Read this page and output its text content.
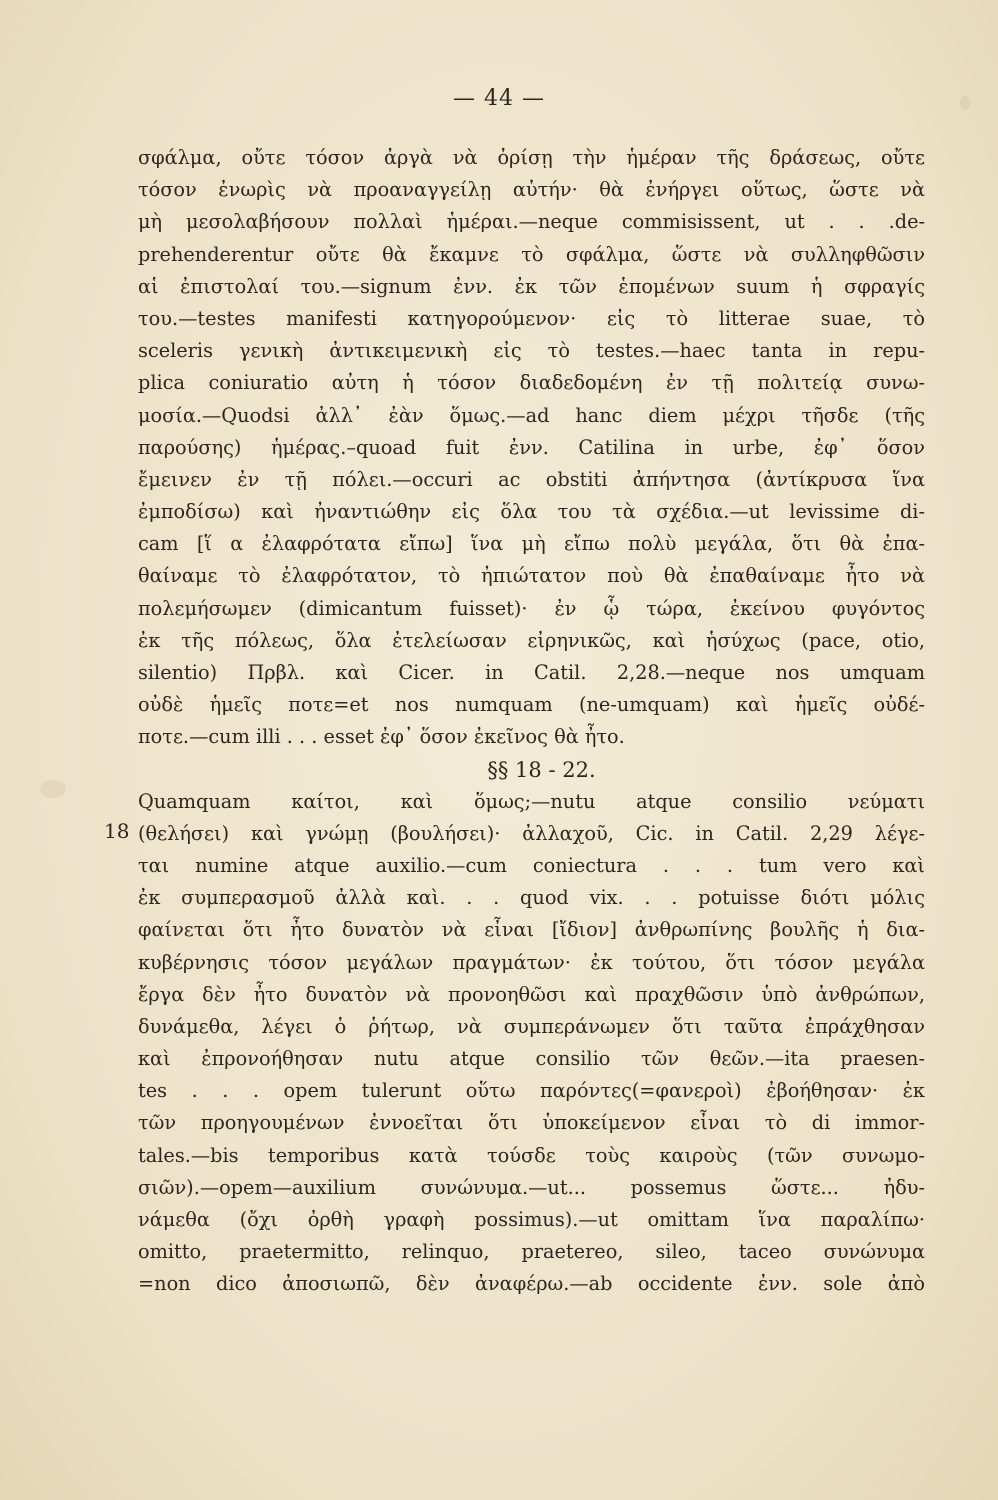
— 44 —
18
σφάλμα, οὔτε τόσον ἀργὰ νὰ ὁρίσῃ τὴν ἡμέραν τῆς δράσεως, οὔτε
τόσον ἐνωρὶς νὰ προαναγγείλῃ αὐτήν· θὰ ἐνήργει οὕτως, ὥστε νὰ
μὴ μεσολαβήσουν πολλαὶ ἡμέραι.—neque commisissent, ut . . .de-
prehenderentur οὔτε θὰ ἔκαμνε τὸ σφάλμα, ὥστε νὰ συλληφθῶσιν
αἱ ἐπιστολαί του.—signum ἐνν. ἐκ τῶν ἑπομένων suum ἡ σφραγίς
του.—testes manifesti κατηγορούμενον· εἰς τὸ litterae suae, τὸ
sceleris γενικὴ ἀντικειμενικὴ εἰς τὸ testes.—haec tanta in repu-
plica coniuratio αὐτη ἡ τόσον διαδεδομένη ἐν τῇ πολιτείᾳ συνω-
μοσία.—Quodsi ἀλλ᾽ ἐὰν ὅμως.—ad hanc diem μέχρι τῆσδε (τῆς
παρούσης) ἡμέρας.–quoad fuit ἐνν. Catilina in urbe, ἐφ᾽ ὅσον
ἔμεινεν ἐν τῇ πόλει.—occuri ac obstiti ἀπήντησα (ἀντίκρυσα ἵνα
ἐμποδίσω) καὶ ἠναντιώθην εἰς ὅλα του τὰ σχέδια.—ut levissime di-
cam [ἵ α ἐλαφρότατα εἴπω] ἵνα μὴ εἴπω πολὺ μεγάλα, ὅτι θὰ ἐπα-
θαίναμε τὸ ἐλαφρότατον, τὸ ἠπιώτατον ποὺ θὰ ἐπαθαίναμε ἦτο νὰ
πολεμήσωμεν (dimicantum fuisset)· ἐν ᾧ τώρα, ἐκείνου φυγόντος
ἐκ τῆς πόλεως, ὅλα ἐτελείωσαν εἰρηνικῶς, καὶ ἡσύχως (pace, otio,
silentio) Πρβλ. καὶ Cicer. in Catil. 2,28.—neque nos umquam
οὐδὲ ἡμεῖς ποτε=et nos numquam (ne-umquam) καὶ ἡμεῖς οὐδέ-
ποτε.—cum illi . . . esset ἐφ᾽ ὅσον ἐκεῖνος θὰ ἦτο.
§§ 18 - 22.
Quamquam καίτοι, καὶ ὅμως;—nutu atque consilio νεύματι
(θελήσει) καὶ γνώμῃ (βουλήσει)· ἀλλαχοῦ, Cic. in Catil. 2,29 λέγε-
ται numine atque auxilio.—cum coniectura . . . tum vero καὶ
ἐκ συμπερασμοῦ ἀλλὰ καὶ. . . quod vix. . . potuisse διότι μόλις
φαίνεται ὅτι ἦτο δυνατὸν νὰ εἶναι [ἴδιον] ἀνθρωπίνης βουλῆς ἡ δια-
κυβέρνησις τόσον μεγάλων πραγμάτων· ἐκ τούτου, ὅτι τόσον μεγάλα
ἔργα δὲν ἦτο δυνατὸν νὰ προνοηθῶσι καὶ πραχθῶσιν ὑπὸ ἀνθρώπων,
δυνάμεθα, λέγει ὁ ῥήτωρ, νὰ συμπεράνωμεν ὅτι ταῦτα ἐπράχθησαν
καὶ ἐπρονοήθησαν nutu atque consilio τῶν θεῶν.—ita praesen-
tes . . . opem tulerunt οὕτω παρόντες(=φανεροὶ) ἐβοήθησαν· ἐκ
τῶν προηγουμένων ἐννοεῖται ὅτι ὑποκείμενον εἶναι τὸ di immor-
tales.—bis temporibus κατὰ τούσδε τοὺς καιροὺς (τῶν συνωμο-
σιῶν).—opem—auxilium συνώνυμα.—ut... possemus ὥστε... ἠδυ-
νάμεθα (ὄχι ὀρθὴ γραφὴ possimus).—ut omittam ἵνα παραλίπω·
omitto, praetermitto, relinquo, praetereo, sileo, taceo συνώνυμα
=non dico ἀποσιωπῶ, δὲν ἀναφέρω.—ab occidente ἐνν. sole ἀπὸ
